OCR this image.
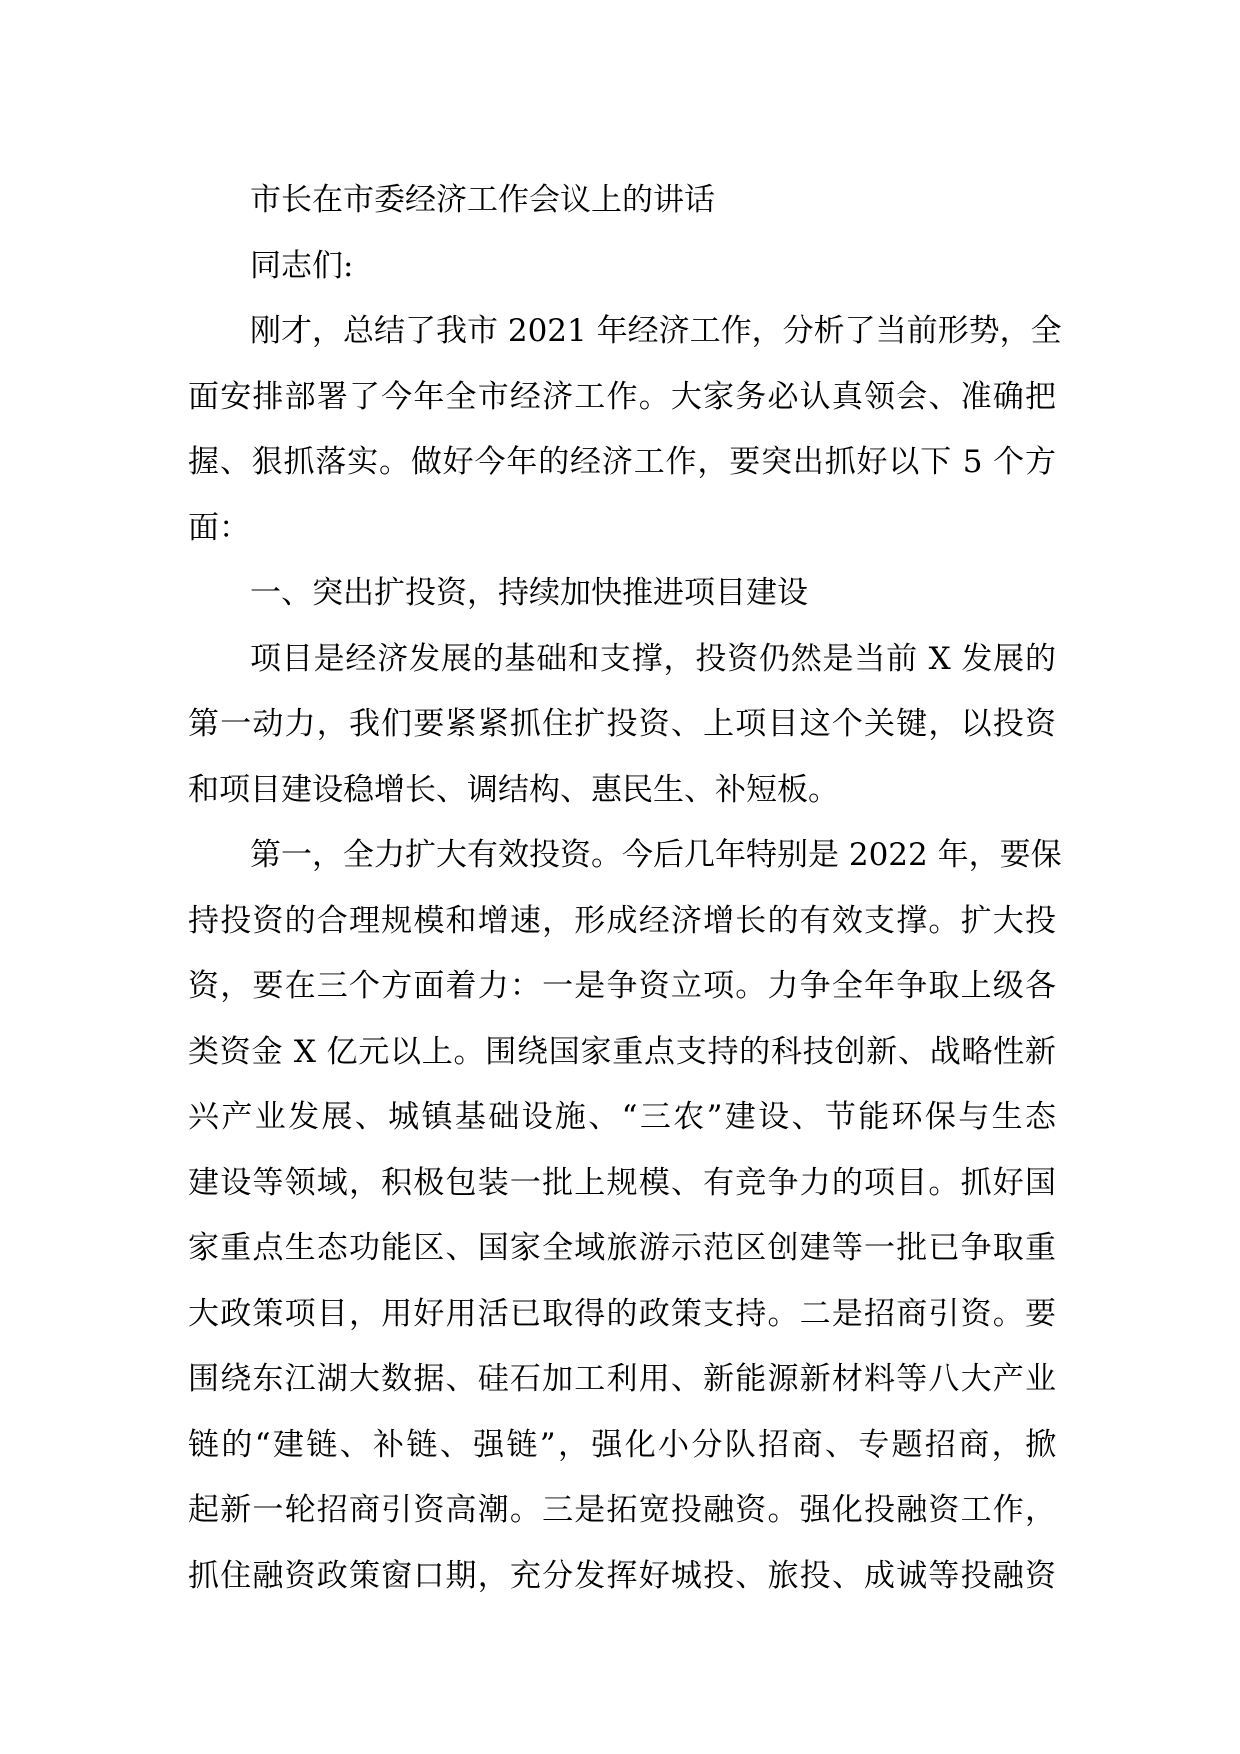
市长在市委经济工作会议上的讲话
同志们:
刚才，总结了我市 2021 年经济工作，分析了当前形势，全
面安排部署了今年全市经济工作。大家务必认真领会、准确把
握、狠抓落实。做好今年的经济工作，要突出抓好以下 5 个方
面：
一、突出扩投资，持续加快推进项目建设
项目是经济发展的基础和支撑，投资仍然是当前 X 发展的
第一动力，我们要紧紧抓住扩投资、上项目这个关键，以投资
和项目建设稳增长、调结构、惠民生、补短板。
第一，全力扩大有效投资。今后几年特别是 2022 年，要保
持投资的合理规模和增速，形成经济增长的有效支撑。扩大投
资，要在三个方面着力：一是争资立项。力争全年争取上级各
类资金 X 亿元以上。围绕国家重点支持的科技创新、战略性新
兴产业发展、城镇基础设施、“三农”建设、节能环保与生态
建设等领域，积极包装一批上规模、有竞争力的项目。抓好国
家重点生态功能区、国家全域旅游示范区创建等一批已争取重
大政策项目，用好用活已取得的政策支持。二是招商引资。要
围绕东江湖大数据、硅石加工利用、新能源新材料等八大产业
链的“建链、补链、强链”，强化小分队招商、专题招商，掀
起新一轮招商引资高潮。三是拓宽投融资。强化投融资工作，
抓住融资政策窗口期，充分发挥好城投、旅投、成诚等投融资
